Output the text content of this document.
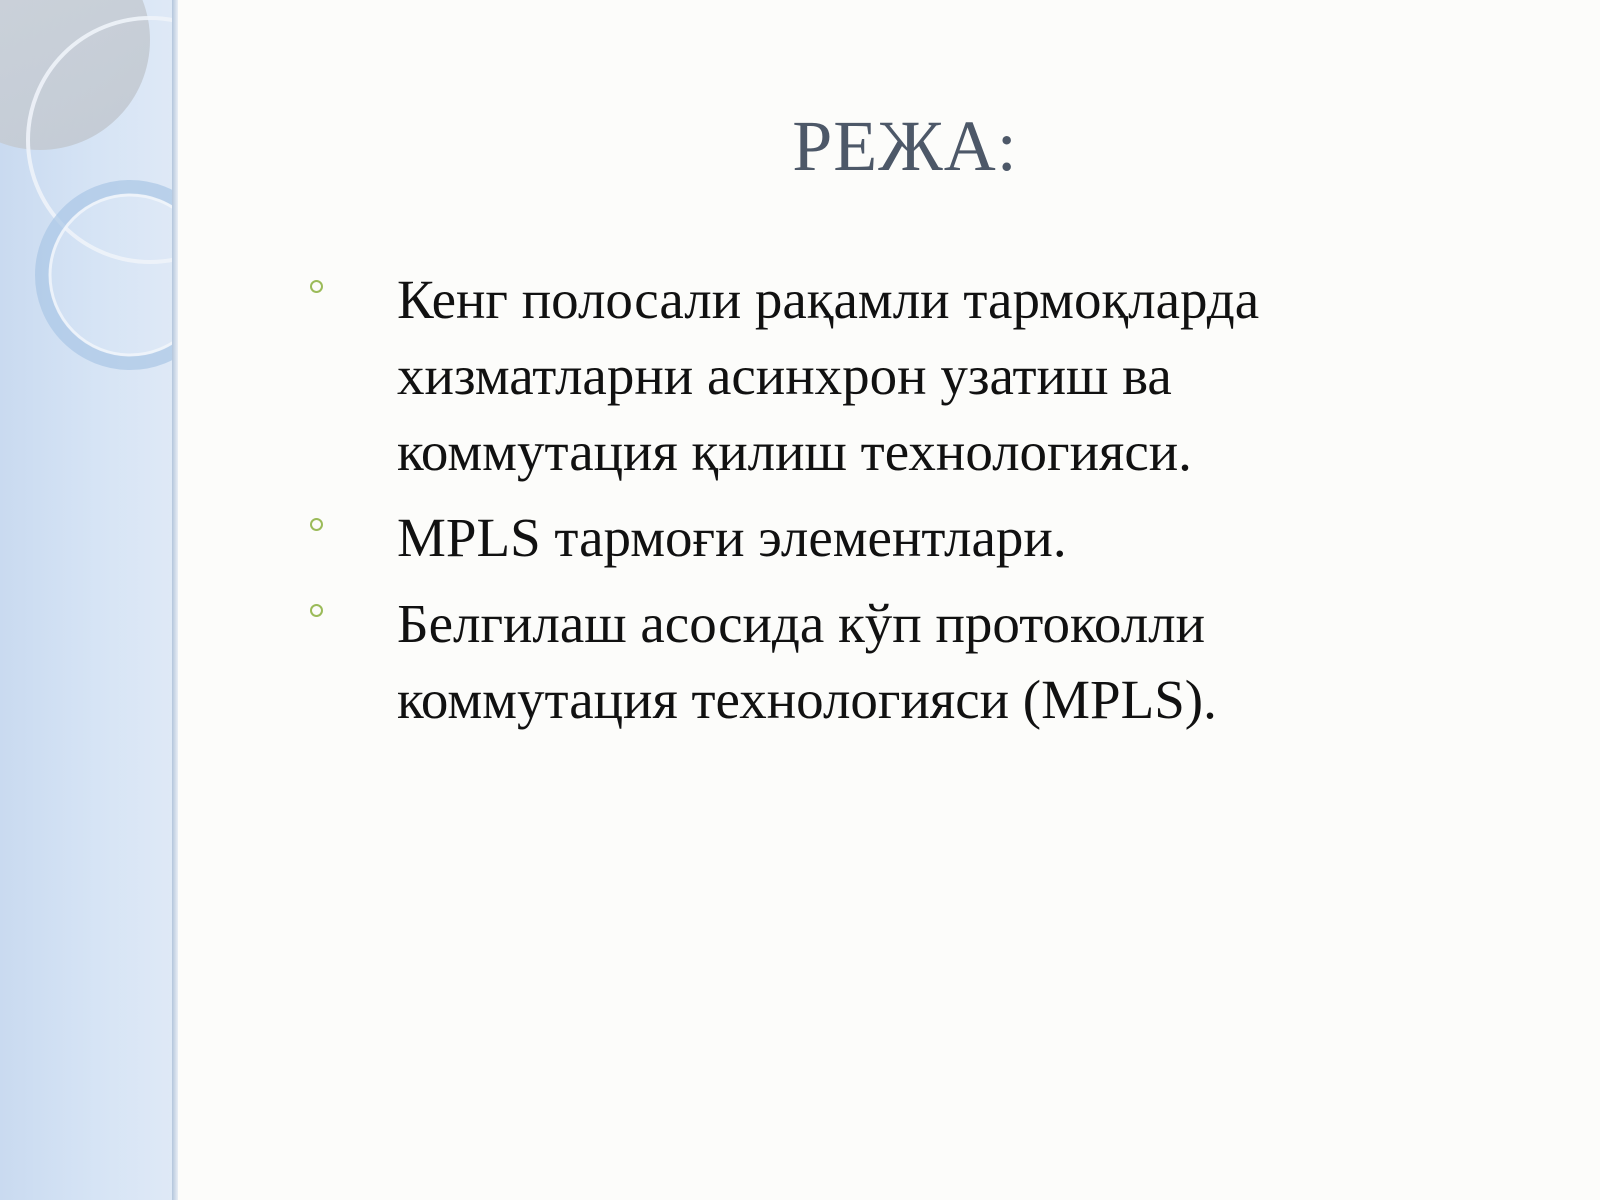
РЕЖА:
Кенг полосали рақамли тармоқларда хизматларни асинхрон узатиш ва коммутация қилиш технологияси.
MPLS тармоғи элементлари.
Белгилаш асосида кўп протоколли коммутация технологияси (MPLS).
